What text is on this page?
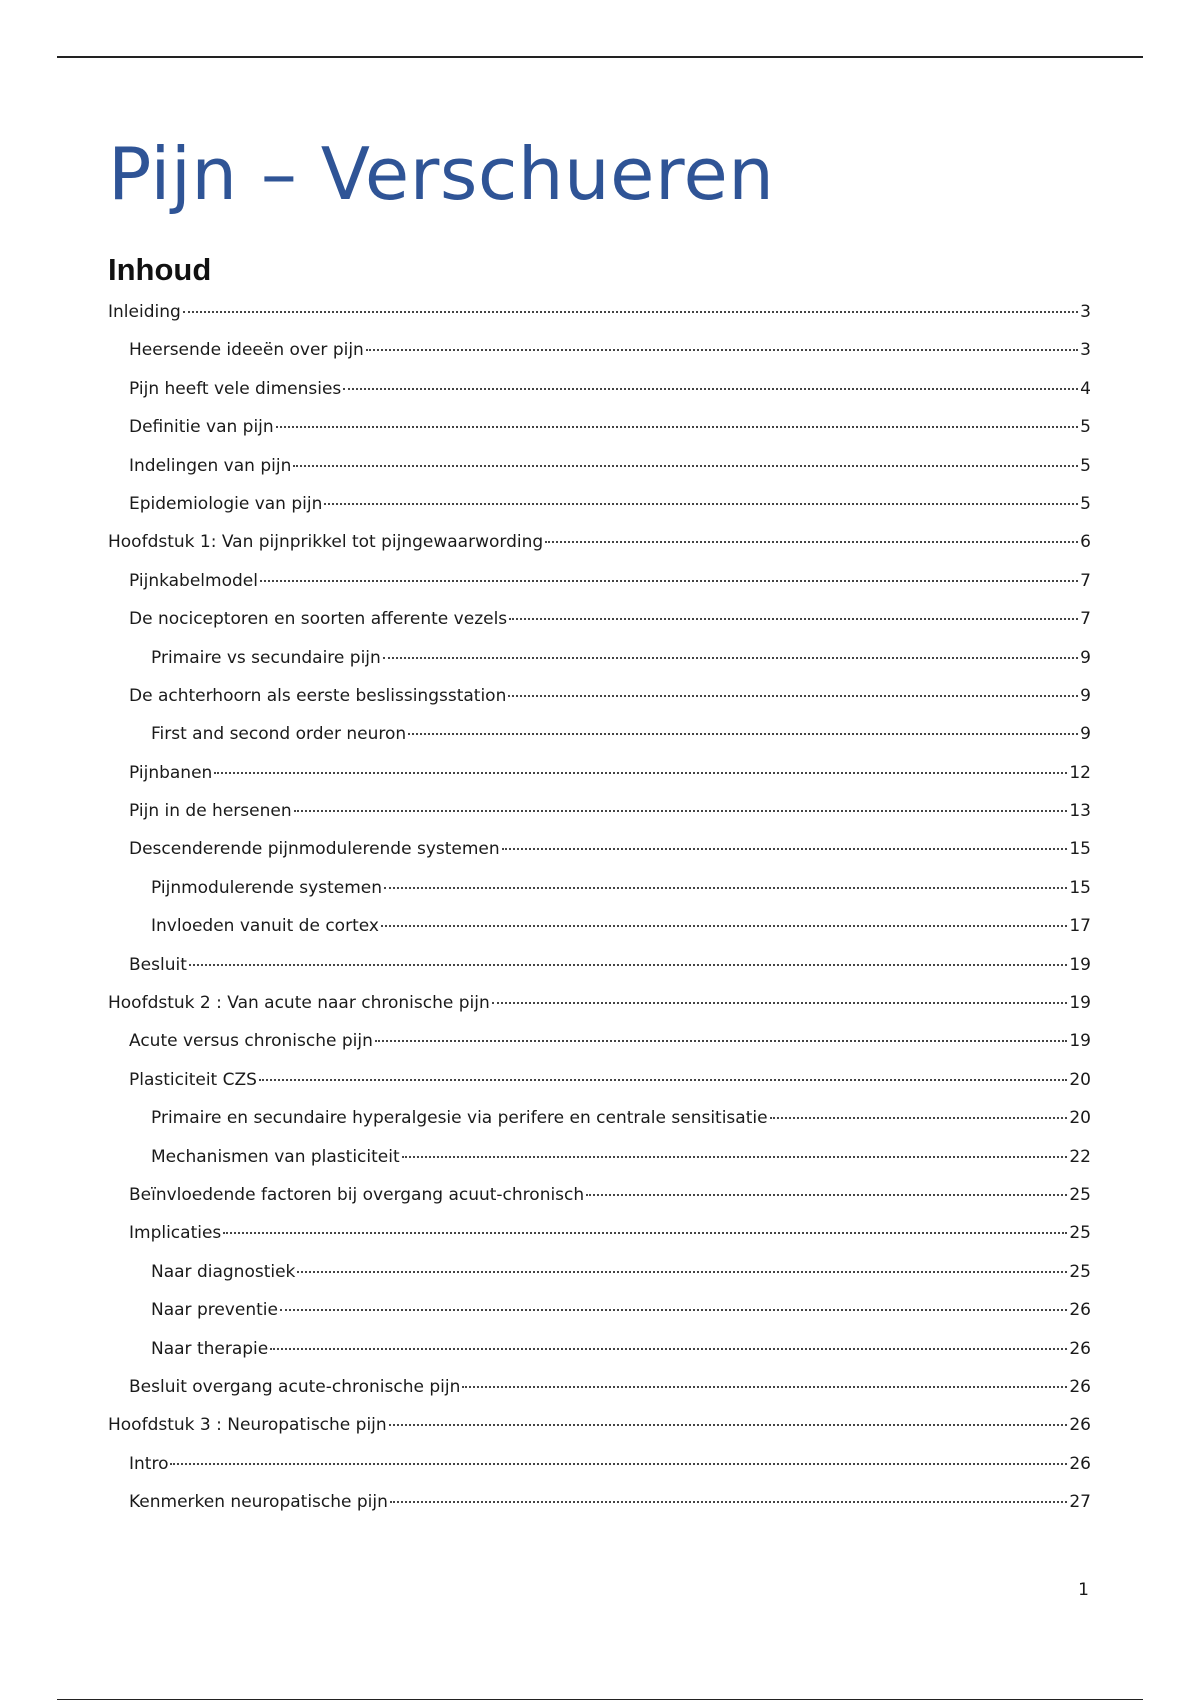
Pijn – Verschueren
Inhoud
Inleiding	3
Heersende ideeën over pijn	3
Pijn heeft vele dimensies	4
Definitie van pijn	5
Indelingen van pijn	5
Epidemiologie van pijn	5
Hoofdstuk 1: Van pijnprikkel tot pijngewaarwording	6
Pijnkabelmodel	7
De nociceptoren en soorten afferente vezels	7
Primaire vs secundaire pijn	9
De achterhoorn als eerste beslissingsstation	9
First and second order neuron	9
Pijnbanen	12
Pijn in de hersenen	13
Descenderende pijnmodulerende systemen	15
Pijnmodulerende systemen	15
Invloeden vanuit de cortex	17
Besluit	19
Hoofdstuk 2 : Van acute naar chronische pijn	19
Acute versus chronische pijn	19
Plasticiteit CZS	20
Primaire en secundaire hyperalgesie via perifere en centrale sensitisatie	20
Mechanismen van plasticiteit	22
Beïnvloedende factoren bij overgang acuut-chronisch	25
Implicaties	25
Naar diagnostiek	25
Naar preventie	26
Naar therapie	26
Besluit overgang acute-chronische pijn	26
Hoofdstuk 3 : Neuropatische pijn	26
Intro	26
Kenmerken neuropatische pijn	27
1
